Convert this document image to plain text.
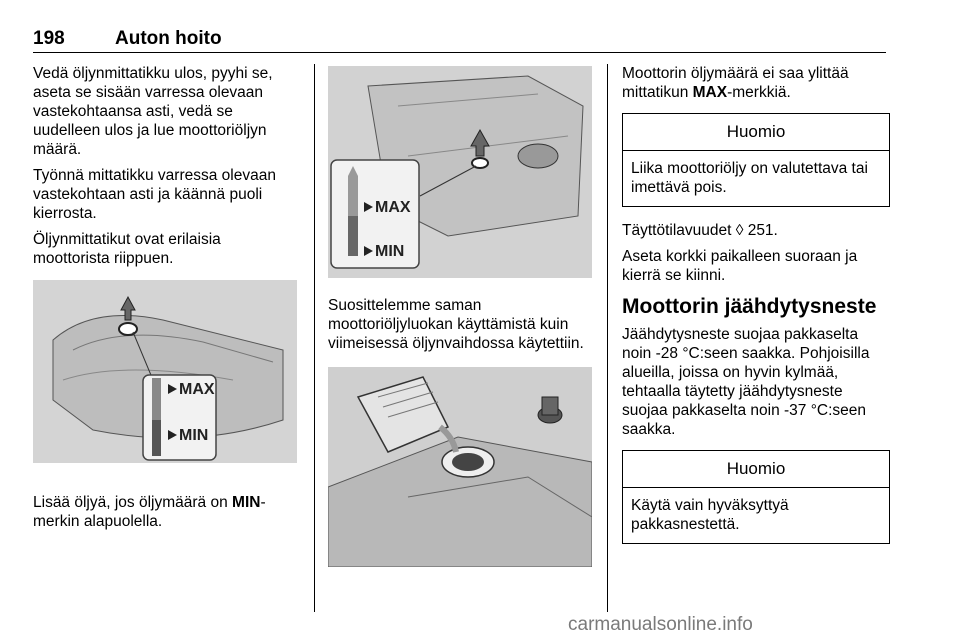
198	Auton hoito

Vedä öljynmittatikku ulos, pyyhi se, aseta se sisään varressa olevaan vastekohtaansa asti, vedä se uudelleen ulos ja lue moottoriöljyn määrä.

Työnnä mittatikku varressa olevaan vastekohtaan asti ja käännä puoli kierrosta.

Öljynmittatikut ovat erilaisia moottorista riippuen.

MAX
MIN

Lisää öljyä, jos öljymäärä on MIN-merkin alapuolella.

MAX
MIN

Suosittelemme saman moottoriöljyluokan käyttämistä kuin viimeisessä öljynvaihdossa käytettiin.

Moottorin öljymäärä ei saa ylittää mittatikun MAX-merkkiä.

Huomio
Liika moottoriöljy on valutettava tai imettävä pois.

Täyttötilavuudet ◊ 251.

Aseta korkki paikalleen suoraan ja kierrä se kiinni.

Moottorin jäähdytysneste

Jäähdytysneste suojaa pakkaselta noin -28 °C:seen saakka. Pohjoisilla alueilla, joissa on hyvin kylmää, tehtaalla täytetty jäähdytysneste suojaa pakkaselta noin -37 °C:seen saakka.

Huomio
Käytä vain hyväksyttyä pakkasnestettä.
carmanualsonline.info
